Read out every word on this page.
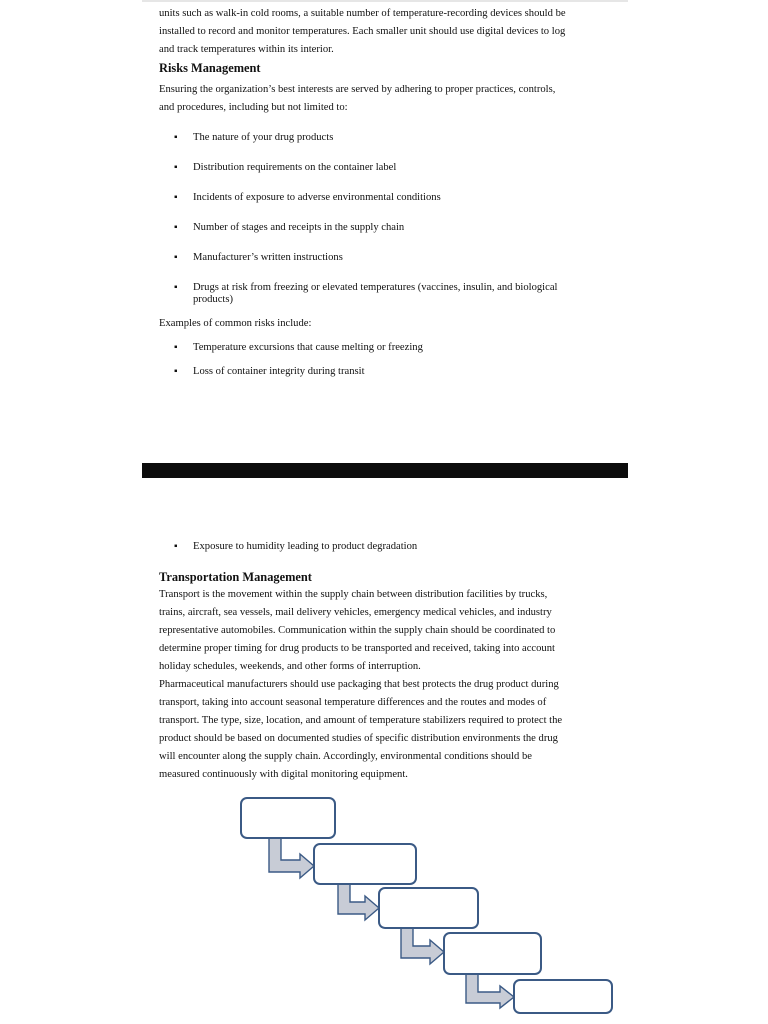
units such as walk-in cold rooms, a suitable number of temperature-recording devices should be
installed to record and monitor temperatures. Each smaller unit should use digital devices to log
and track temperatures within its interior.
Risks Management
Ensuring the organization’s best interests are served by adhering to proper practices, controls,
and procedures, including but not limited to:
▪ The nature of your drug products
▪ Distribution requirements on the container label
▪ Incidents of exposure to adverse environmental conditions
▪ Number of stages and receipts in the supply chain
▪ Manufacturer’s written instructions
▪ Drugs at risk from freezing or elevated temperatures (vaccines, insulin, and biological products)
Examples of common risks include:
▪ Temperature excursions that cause melting or freezing
▪ Loss of container integrity during transit
▪ Exposure to humidity leading to product degradation
Transportation Management
Transport is the movement within the supply chain between distribution facilities by trucks,
trains, aircraft, sea vessels, mail delivery vehicles, emergency medical vehicles, and industry
representative automobiles. Communication within the supply chain should be coordinated to
determine proper timing for drug products to be transported and received, taking into account
holiday schedules, weekends, and other forms of interruption.
Pharmaceutical manufacturers should use packaging that best protects the drug product during
transport, taking into account seasonal temperature differences and the routes and modes of
transport. The type, size, location, and amount of temperature stabilizers required to protect the
product should be based on documented studies of specific distribution environments the drug
will encounter along the supply chain. Accordingly, environmental conditions should be
measured continuously with digital monitoring equipment.
